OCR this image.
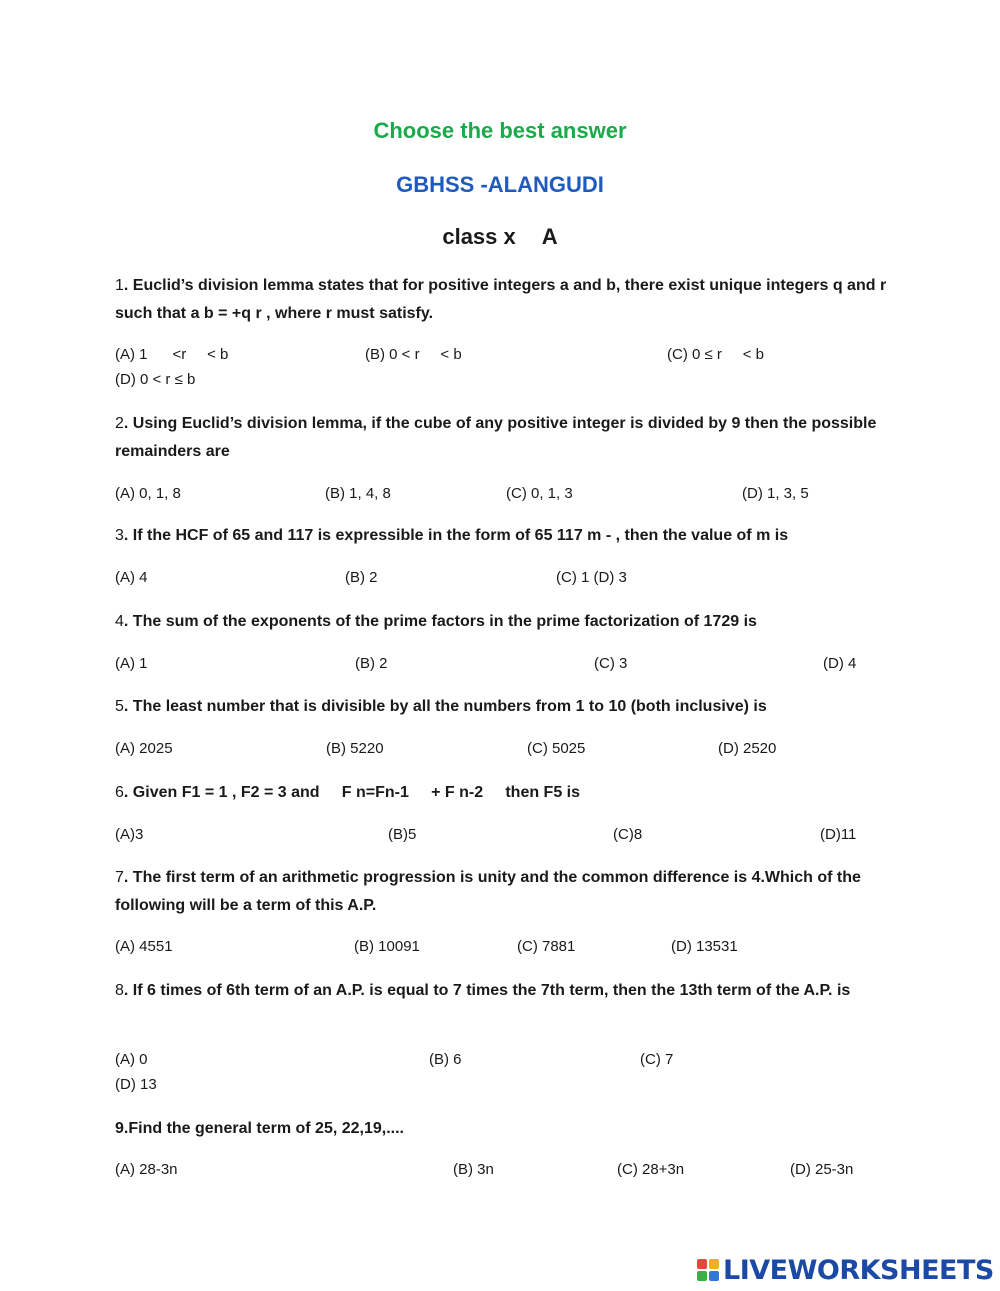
Choose the best answer
GBHSS -ALANGUDI
class x A
1. Euclid’s division lemma states that for positive integers a and b, there exist unique integers q and r such that a b = +q r , where r must satisfy.
(A) 1      <r     < b	(B) 0 < r     < b	(C) 0 ≤ r     < b
(D) 0 < r ≤ b
2. Using Euclid’s division lemma, if the cube of any positive integer is divided by 9 then the possible remainders are
(A) 0, 1, 8	(B) 1, 4, 8	(C) 0, 1, 3	(D) 1, 3, 5
3. If the HCF of 65 and 117 is expressible in the form of 65 117 m - , then the value of m is
(A) 4	(B) 2	(C) 1 (D) 3
4. The sum of the exponents of the prime factors in the prime factorization of 1729 is
(A) 1	(B) 2	(C) 3	(D) 4
5. The least number that is divisible by all the numbers from 1 to 10 (both inclusive) is
(A) 2025	(B) 5220	(C) 5025	(D) 2520
6. Given F1 = 1 , F2 = 3 and     F n=Fn-1     + F n-2     then F5 is
(A)3	(B)5	(C)8	(D)11
7. The first term of an arithmetic progression is unity and the common difference is 4.Which of the following will be a term of this A.P.
(A) 4551	(B) 10091	(C) 7881	(D) 13531
8. If 6 times of 6th term of an A.P. is equal to 7 times the 7th term, then the 13th term of the A.P. is
(A) 0	(B) 6	(C) 7
(D) 13
9.Find the general term of 25, 22,19,....
(A) 28-3n	(B) 3n	(C) 28+3n	(D) 25-3n
LIVEWORKSHEETS
